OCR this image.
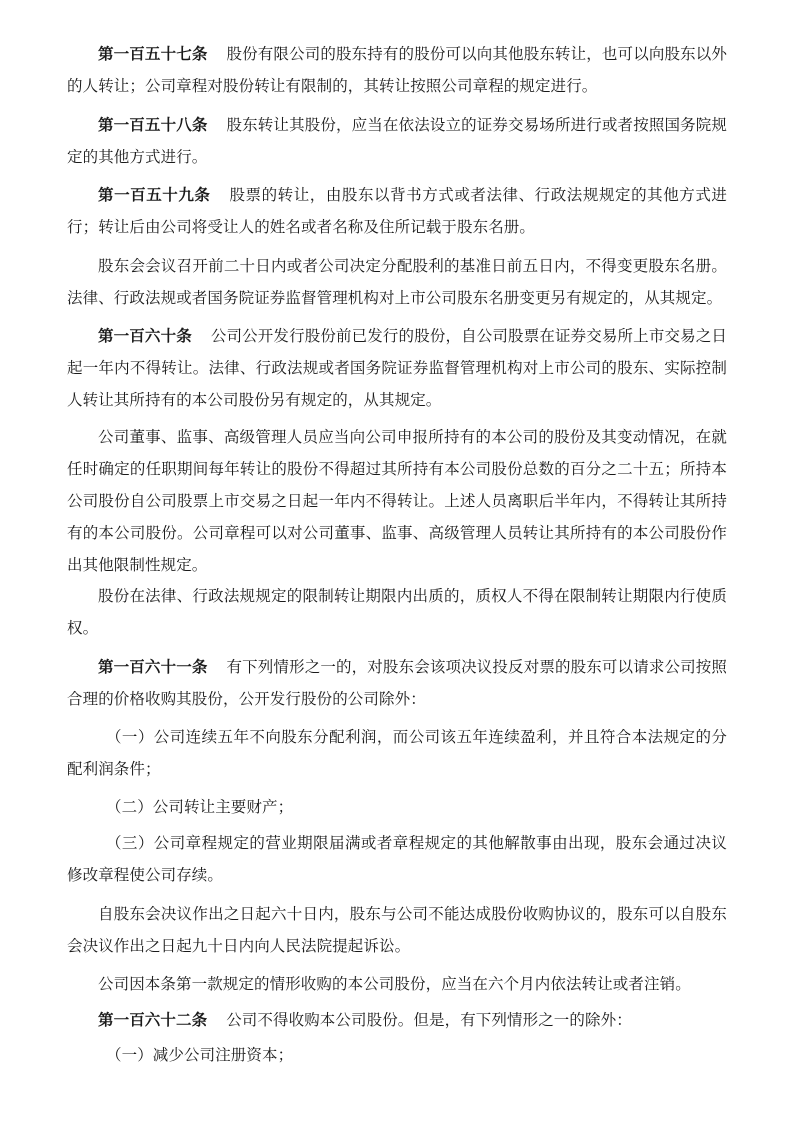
第一百五十七条 股份有限公司的股东持有的股份可以向其他股东转让，也可以向股东以外的人转让；公司章程对股份转让有限制的，其转让按照公司章程的规定进行。

第一百五十八条 股东转让其股份，应当在依法设立的证券交易场所进行或者按照国务院规定的其他方式进行。

第一百五十九条 股票的转让，由股东以背书方式或者法律、行政法规规定的其他方式进行；转让后由公司将受让人的姓名或者名称及住所记载于股东名册。

股东会会议召开前二十日内或者公司决定分配股利的基准日前五日内，不得变更股东名册。法律、行政法规或者国务院证券监督管理机构对上市公司股东名册变更另有规定的，从其规定。

第一百六十条 公司公开发行股份前已发行的股份，自公司股票在证券交易所上市交易之日起一年内不得转让。法律、行政法规或者国务院证券监督管理机构对上市公司的股东、实际控制人转让其所持有的本公司股份另有规定的，从其规定。

公司董事、监事、高级管理人员应当向公司申报所持有的本公司的股份及其变动情况，在就任时确定的任职期间每年转让的股份不得超过其所持有本公司股份总数的百分之二十五；所持本公司股份自公司股票上市交易之日起一年内不得转让。上述人员离职后半年内，不得转让其所持有的本公司股份。公司章程可以对公司董事、监事、高级管理人员转让其所持有的本公司股份作出其他限制性规定。

股份在法律、行政法规规定的限制转让期限内出质的，质权人不得在限制转让期限内行使质权。

第一百六十一条 有下列情形之一的，对股东会该项决议投反对票的股东可以请求公司按照合理的价格收购其股份，公开发行股份的公司除外：

（一）公司连续五年不向股东分配利润，而公司该五年连续盈利，并且符合本法规定的分配利润条件；

（二）公司转让主要财产；

（三）公司章程规定的营业期限届满或者章程规定的其他解散事由出现，股东会通过决议修改章程使公司存续。

自股东会决议作出之日起六十日内，股东与公司不能达成股份收购协议的，股东可以自股东会决议作出之日起九十日内向人民法院提起诉讼。

公司因本条第一款规定的情形收购的本公司股份，应当在六个月内依法转让或者注销。

第一百六十二条 公司不得收购本公司股份。但是，有下列情形之一的除外：

（一）减少公司注册资本；
